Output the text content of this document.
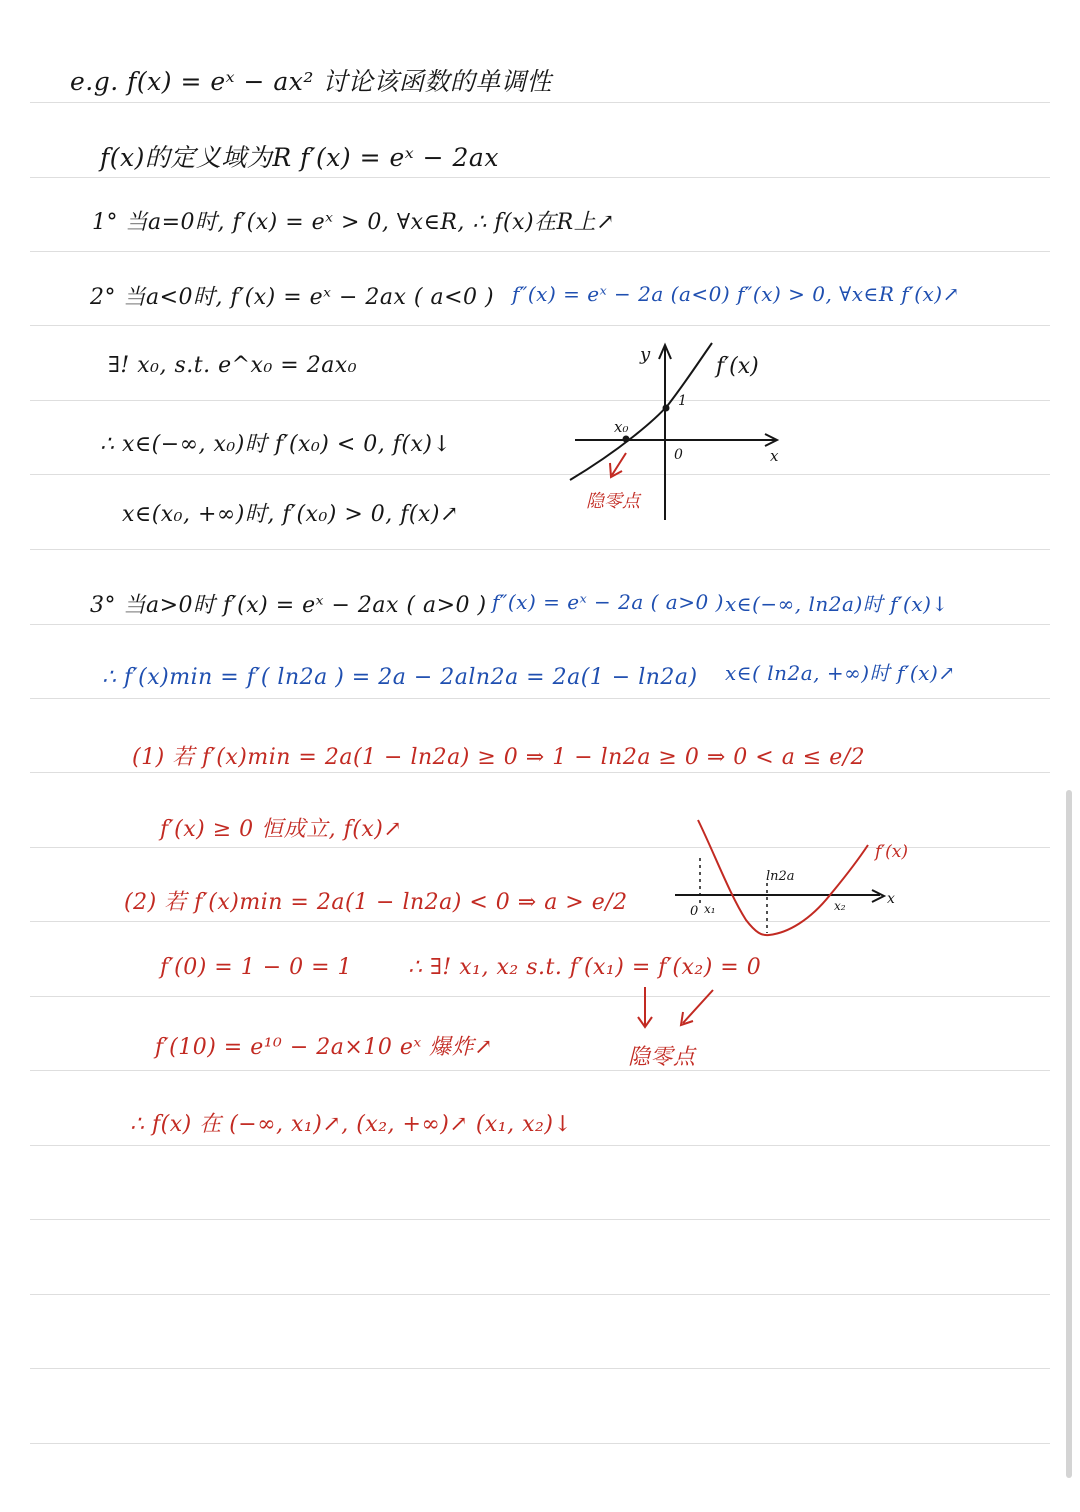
e.g. f(x) = eˣ − ax² 讨论该函数的单调性
f(x)的定义域为R f′(x) = eˣ − 2ax
1° 当a=0时, f′(x) = eˣ > 0, ∀x∈R, ∴ f(x)在R上↗
2° 当a<0时, f′(x) = eˣ − 2ax ( a<0 ) f″(x) = eˣ − 2a (a<0) f″(x) > 0, ∀x∈R f′(x)↗
∃! x₀, s.t. e^x₀ = 2ax₀
∴ x∈(−∞, x₀)时 f′(x₀) < 0, f(x)↓
x∈(x₀, +∞)时, f′(x₀) > 0, f(x)↗
3° 当a>0时 f′(x) = eˣ − 2ax ( a>0 ) f″(x) = eˣ − 2a ( a>0 ) x∈(−∞, ln2a)时 f′(x)↓
∴ f′(x)min = f′( ln2a ) = 2a − 2aln2a = 2a(1 − ln2a) x∈( ln2a, +∞)时 f′(x)↗
(1) 若 f′(x)min = 2a(1 − ln2a) ≥ 0 ⇒ 1 − ln2a ≥ 0 ⇒ 0 < a ≤ e/2
f′(x) ≥ 0 恒成立, f(x)↗
(2) 若 f′(x)min = 2a(1 − ln2a) < 0 ⇒ a > e/2
f′(0) = 1 − 0 = 1	∴ ∃! x₁, x₂ s.t. f′(x₁) = f′(x₂) = 0
f′(10) = e¹⁰ − 2a×10 eˣ 爆炸↗	隐零点
∴ f(x) 在 (−∞, x₁)↗, (x₂, +∞)↗ (x₁, x₂)↓
y	f′(x)
1
x₀
0	x
隐零点
f′(x)
ln2a
0 x₁	x₂	x
